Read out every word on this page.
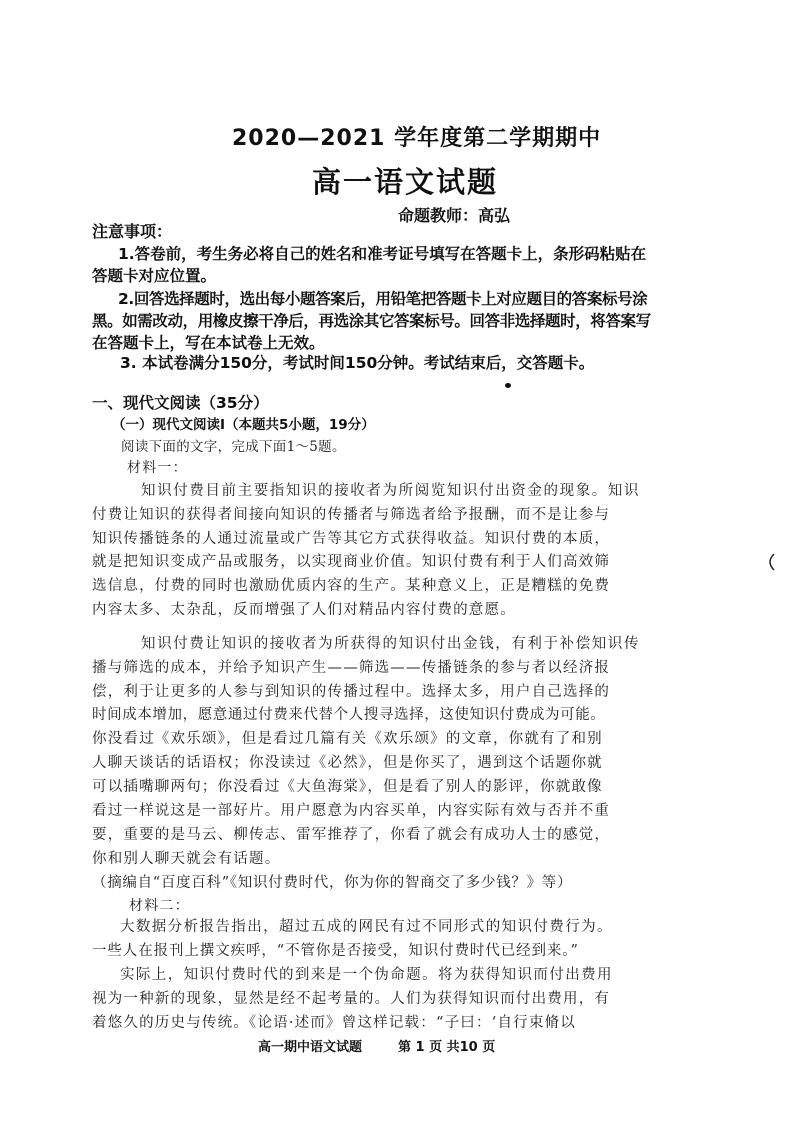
2020—2021 学年度第二学期期中
高一语文试题
命题教师：高弘
注意事项：
1.答卷前，考生务必将自己的姓名和准考证号填写在答题卡上，条形码粘贴在
答题卡对应位置。
2.回答选择题时，选出每小题答案后，用铅笔把答题卡上对应题目的答案标号涂
黑。如需改动，用橡皮擦干净后，再选涂其它答案标号。回答非选择题时，将答案写
在答题卡上，写在本试卷上无效。
3. 本试卷满分150分，考试时间150分钟。考试结束后，交答题卡。
一、现代文阅读（35分）
（一）现代文阅读Ⅰ（本题共5小题，19分）
阅读下面的文字，完成下面1～5题。
材料一：
知识付费目前主要指知识的接收者为所阅览知识付出资金的现象。知识
付费让知识的获得者间接向知识的传播者与筛选者给予报酬，而不是让参与
知识传播链条的人通过流量或广告等其它方式获得收益。知识付费的本质，
就是把知识变成产品或服务，以实现商业价值。知识付费有利于人们高效筛
选信息，付费的同时也激励优质内容的生产。某种意义上，正是糟糕的免费
内容太多、太杂乱，反而增强了人们对精品内容付费的意愿。
知识付费让知识的接收者为所获得的知识付出金钱，有利于补偿知识传
播与筛选的成本，并给予知识产生——筛选——传播链条的参与者以经济报
偿，利于让更多的人参与到知识的传播过程中。选择太多，用户自己选择的
时间成本增加，愿意通过付费来代替个人搜寻选择，这使知识付费成为可能。
你没看过《欢乐颂》，但是看过几篇有关《欢乐颂》的文章，你就有了和别
人聊天谈话的话语权；你没读过《必然》，但是你买了，遇到这个话题你就
可以插嘴聊两句；你没看过《大鱼海棠》，但是看了别人的影评，你就敢像
看过一样说这是一部好片。用户愿意为内容买单，内容实际有效与否并不重
要，重要的是马云、柳传志、雷军推荐了，你看了就会有成功人士的感觉，
你和别人聊天就会有话题。
（摘编自“百度百科”《知识付费时代，你为你的智商交了多少钱？》等）
材料二：
大数据分析报告指出，超过五成的网民有过不同形式的知识付费行为。
一些人在报刊上撰文疾呼，“不管你是否接受，知识付费时代已经到来。”
实际上，知识付费时代的到来是一个伪命题。将为获得知识而付出费用
视为一种新的现象，显然是经不起考量的。人们为获得知识而付出费用，有
着悠久的历史与传统。《论语·述而》曾这样记载：“子曰：‘自行束脩以
高一期中语文试题	第 1 页 共10 页
